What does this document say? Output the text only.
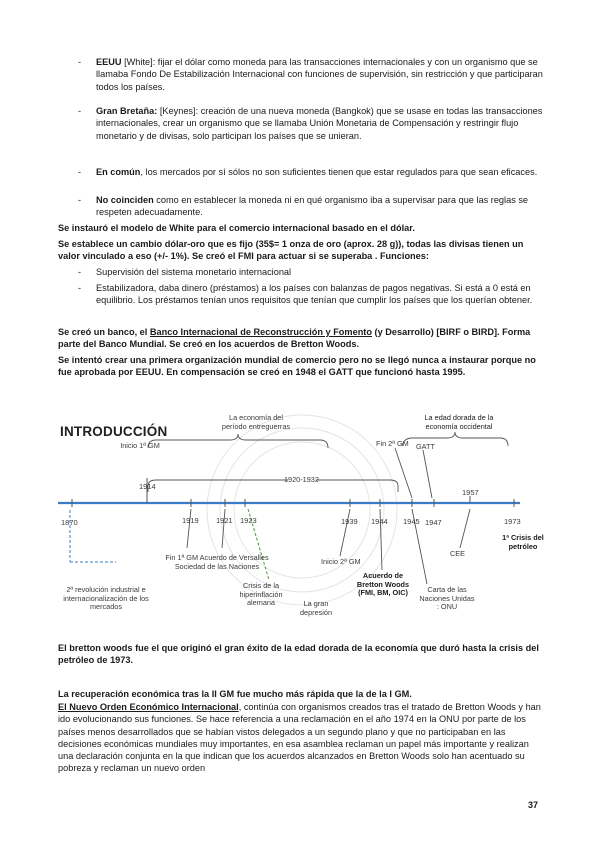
- EEUU [White]: fijar el dólar como moneda para las transacciones internacionales y con un organismo que se llamaba Fondo De Estabilización Internacional con funciones de supervisión, sin restricción y que participaran todos los países.

- Gran Bretaña: [Keynes]: creación de una nueva moneda (Bangkok) que se usase en todas las transacciones internacionales, crear un organismo que se llamaba Unión Monetaria de Compensación y restringir flujo monetario y de divisas, solo participan los países que se unieran.

- En común, los mercados por sí sólos no son suficientes tienen que estar regulados para que sean eficaces.

- No coinciden como en establecer la moneda ni en qué organismo iba a supervisar para que las reglas se respeten adecuadamente.

Se instauró el modelo de White para el comercio internacional basado en el dólar.

Se establece un cambio dólar-oro que es fijo (35$= 1 onza de oro (aprox. 28 g)), todas las divisas tienen un valor vinculado a eso (+/- 1%). Se creó el FMI para actuar si se superaba . Funciones:

- Supervisión del sistema monetario internacional

- Estabilizadora, daba dinero (préstamos) a los países con balanzas de pagos negativas. Si está a 0 está en equilibrio. Los préstamos tenían unos requisitos que tenían que cumplir los países que los querían obtener.

Se creó un banco, el Banco Internacional de Reconstrucción y Fomento (y Desarrollo) [BIRF o BIRD]. Forma parte del Banco Mundial. Se creó en los acuerdos de Bretton Woods.

Se intentó crear una primera organización mundial de comercio pero no se llegó nunca a instaurar porque no fue aprobada por EEUU. En compensación se creó en 1948 el GATT que funcionó hasta 1995.

INTRODUCCIÓN
1870	1919 1921 1923	1939 1944 1945 1947	1973
Inicio 1ª GM
1914
La economía del período entreguerras
1920-1932
Fin 2ª GM GATT
La edad dorada de la economía occidental
1957
2ª revolución industrial e internacionalización de los mercados
Fin 1ª GM Acuerdo de Versalles Sociedad de las Naciones
Crisis de la hiperinflación alemana	La gran depresión
Inicio 2ª GM
Acuerdo de Bretton Woods (FMI, BM, OIC)	Carta de las Naciones Unidas : ONU
CEE
1ª Crisis del petróleo

El bretton woods fue el que originó el gran éxito de la edad dorada de la economía que duró hasta la crisis del petróleo de 1973.

La recuperación económica tras la II GM fue mucho más rápida que la de la I GM.

El Nuevo Orden Económico Internacional, continúa con organismos creados tras el tratado de Bretton Woods y han ido evolucionando sus funciones. Se hace referencia a una reclamación en el año 1974 en la ONU por parte de los países menos desarrollados que se habían vistos delegados a un segundo plano y que no participaban en las decisiones económicas mundiales muy importantes, en esa asamblea reclaman un papel más importante y realizan una declaración conjunta en la que indican que los acuerdos alcanzados en Bretton Woods solo han acentuado su pobreza y reclaman un nuevo orden

37
